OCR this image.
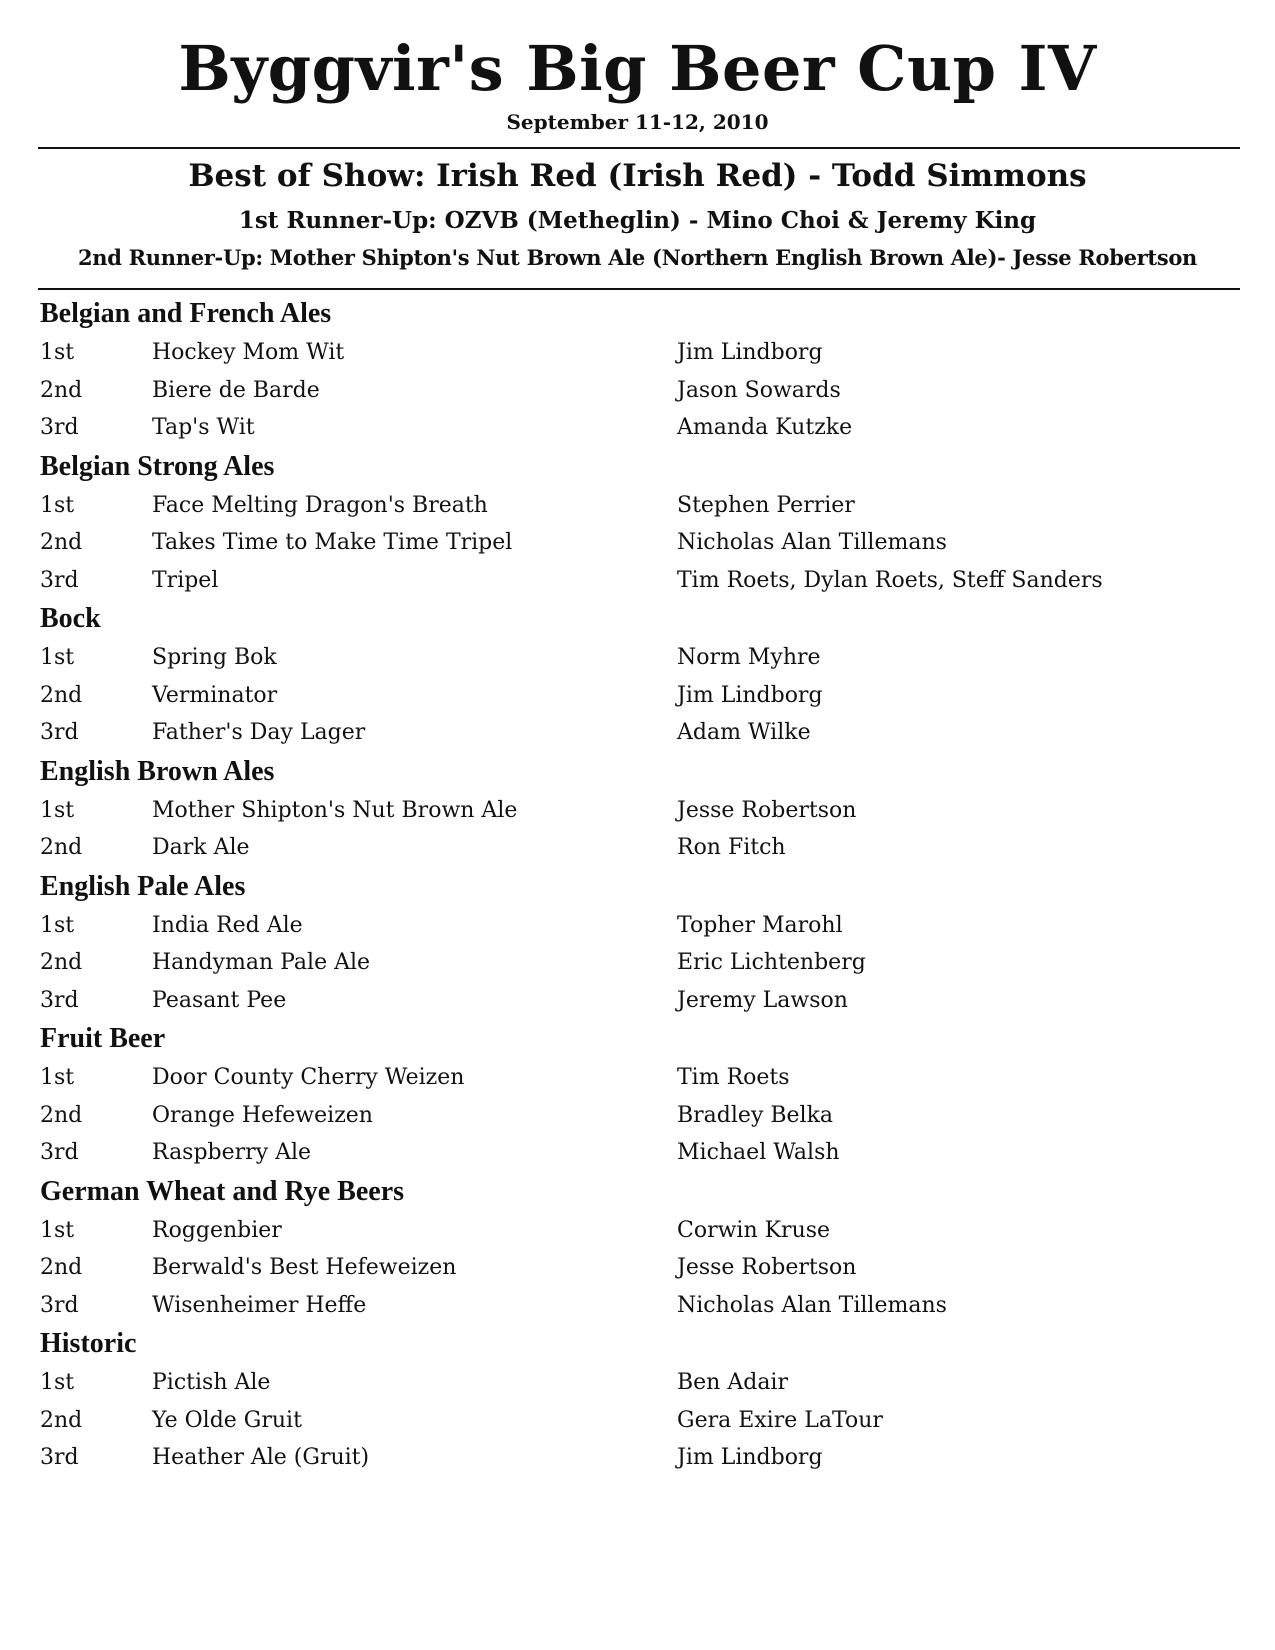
Byggvir's Big Beer Cup IV
September 11-12, 2010
Best of Show: Irish Red (Irish Red) - Todd Simmons
1st Runner-Up: OZVB (Metheglin) - Mino Choi & Jeremy King
2nd Runner-Up: Mother Shipton's Nut Brown Ale (Northern English Brown Ale)- Jesse Robertson
Belgian and French Ales
1st	Hockey Mom Wit	Jim Lindborg
2nd	Biere de Barde	Jason Sowards
3rd	Tap's Wit	Amanda Kutzke
Belgian Strong Ales
1st	Face Melting Dragon's Breath	Stephen Perrier
2nd	Takes Time to Make Time Tripel	Nicholas Alan Tillemans
3rd	Tripel	Tim Roets, Dylan Roets, Steff Sanders
Bock
1st	Spring Bok	Norm Myhre
2nd	Verminator	Jim Lindborg
3rd	Father's Day Lager	Adam Wilke
English Brown Ales
1st	Mother Shipton's Nut Brown Ale	Jesse Robertson
2nd	Dark Ale	Ron Fitch
English Pale Ales
1st	India Red Ale	Topher Marohl
2nd	Handyman Pale Ale	Eric Lichtenberg
3rd	Peasant Pee	Jeremy Lawson
Fruit Beer
1st	Door County Cherry Weizen	Tim Roets
2nd	Orange Hefeweizen	Bradley Belka
3rd	Raspberry Ale	Michael Walsh
German Wheat and Rye Beers
1st	Roggenbier	Corwin Kruse
2nd	Berwald's Best Hefeweizen	Jesse Robertson
3rd	Wisenheimer Heffe	Nicholas Alan Tillemans
Historic
1st	Pictish Ale	Ben Adair
2nd	Ye Olde Gruit	Gera Exire LaTour
3rd	Heather Ale (Gruit)	Jim Lindborg
